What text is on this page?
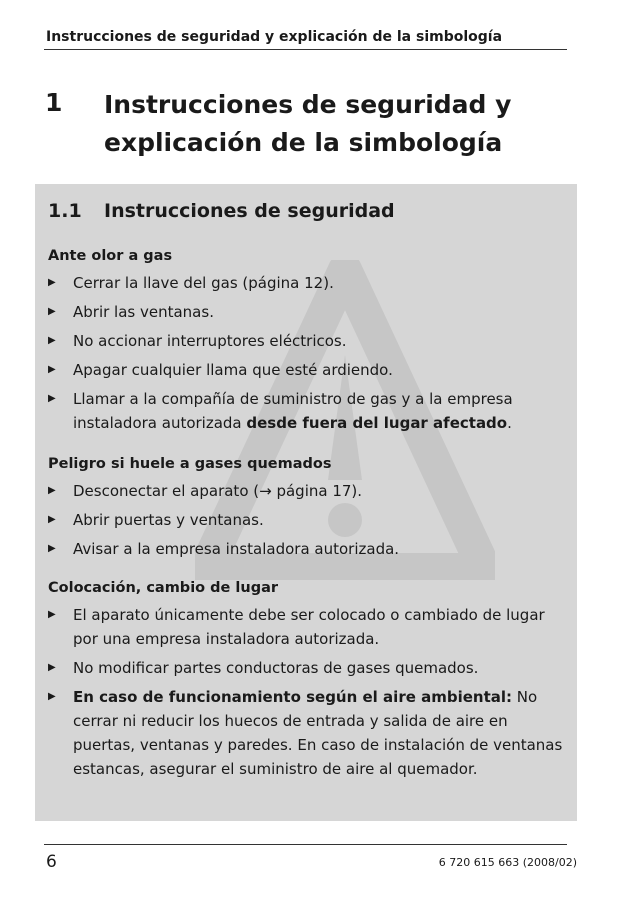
Instrucciones de seguridad y explicación de la simbología
1 Instrucciones de seguridad y explicación de la simbología
1.1 Instrucciones de seguridad
Ante olor a gas
▶ Cerrar la llave del gas (página 12).
▶ Abrir las ventanas.
▶ No accionar interruptores eléctricos.
▶ Apagar cualquier llama que esté ardiendo.
▶ Llamar a la compañía de suministro de gas y a la empresa instaladora autorizada desde fuera del lugar afectado.
Peligro si huele a gases quemados
▶ Desconectar el aparato (→ página 17).
▶ Abrir puertas y ventanas.
▶ Avisar a la empresa instaladora autorizada.
Colocación, cambio de lugar
▶ El aparato únicamente debe ser colocado o cambiado de lugar por una empresa instaladora autorizada.
▶ No modificar partes conductoras de gases quemados.
▶ En caso de funcionamiento según el aire ambiental: No cerrar ni reducir los huecos de entrada y salida de aire en puertas, ventanas y paredes. En caso de instalación de ventanas estancas, asegurar el suministro de aire al quemador.
6	6 720 615 663 (2008/02)
